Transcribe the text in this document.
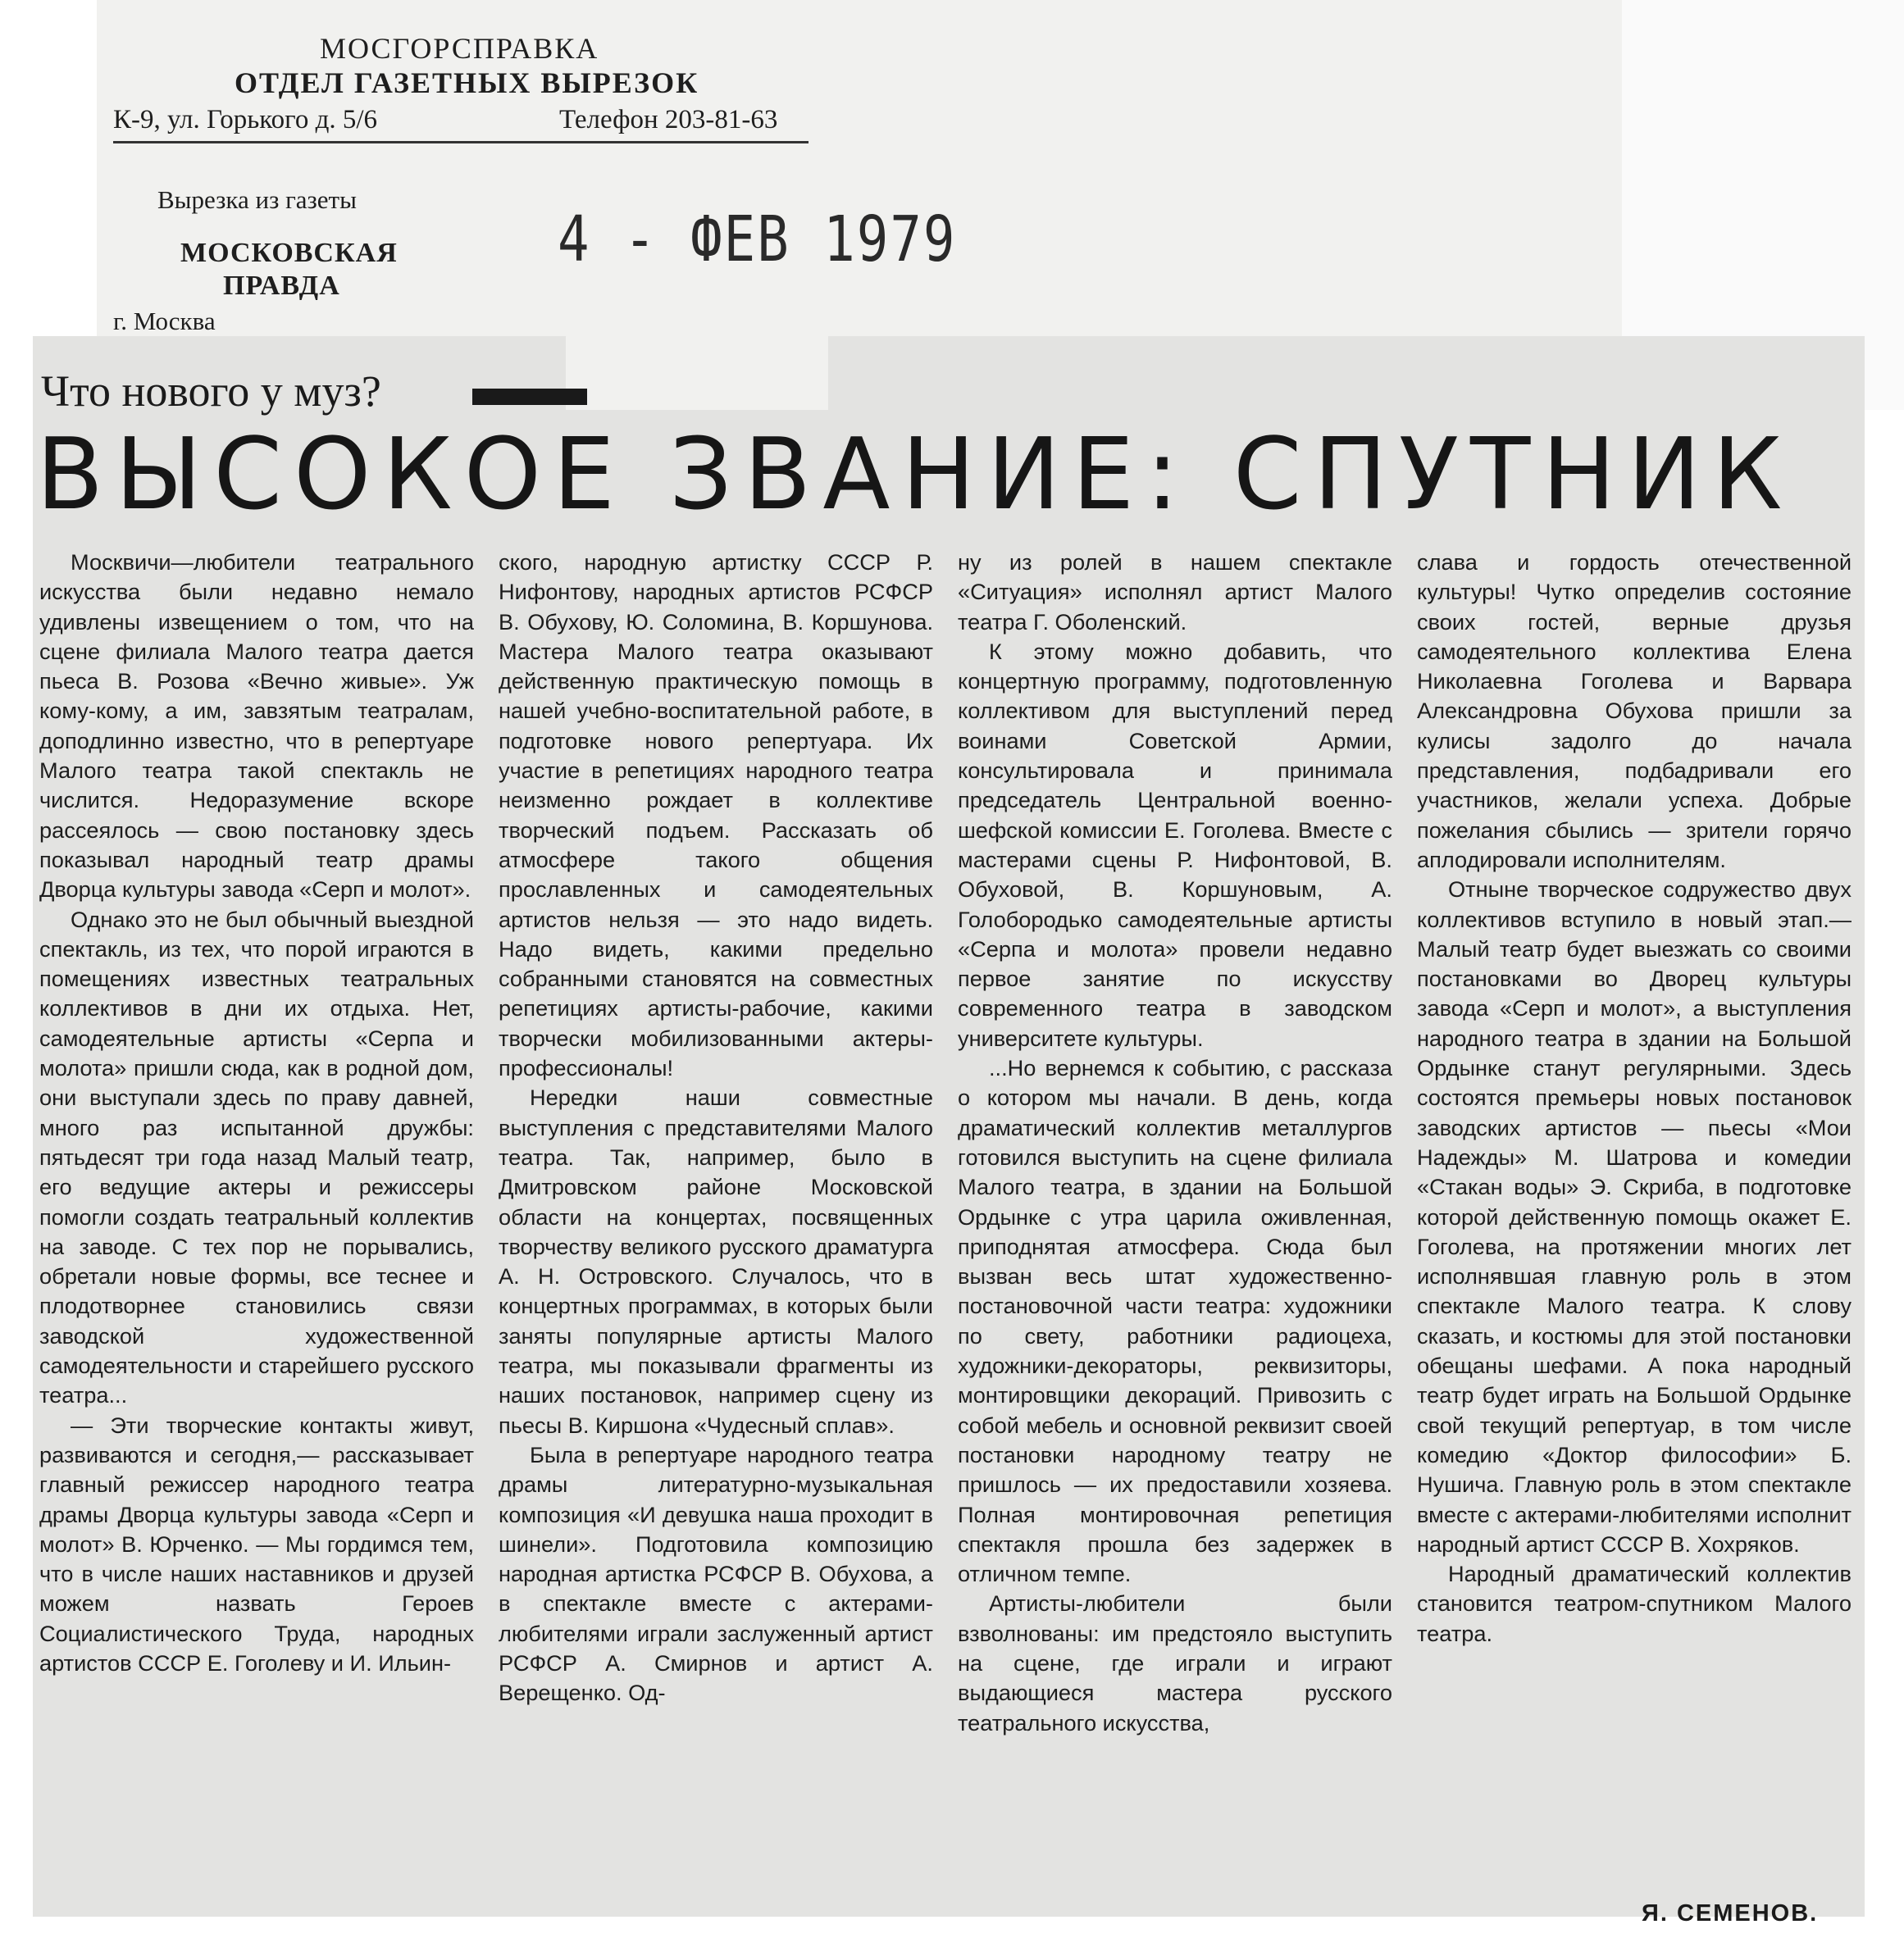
МОСГОРСПРАВКА
ОТДЕЛ ГАЗЕТНЫХ ВЫРЕЗОК
К-9, ул. Горького д. 5/6	Телефон 203-81-63
Вырезка из газеты
МОСКОВСКАЯ
ПРАВДА
г. Москва
4 - ФЕВ 1979
Что нового у муз?
ВЫСОКОЕ ЗВАНИЕ: СПУТНИК

Москвичи—любители театрального искусства были недавно немало удивлены извещением о том, что на сцене филиала Малого театра дается пьеса В. Розова «Вечно живые». Уж кому-кому, а им, завзятым театралам, доподлинно известно, что в репертуаре Малого театра такой спектакль не числится. Недоразумение вскоре рассеялось — свою постановку здесь показывал народный театр драмы Дворца культуры завода «Серп и молот».

Однако это не был обычный выездной спектакль, из тех, что порой играются в помещениях известных театральных коллективов в дни их отдыха. Нет, самодеятельные артисты «Серпа и молота» пришли сюда, как в родной дом, они выступали здесь по праву давней, много раз испытанной дружбы: пятьдесят три года назад Малый театр, его ведущие актеры и режиссеры помогли создать театральный коллектив на заводе. С тех пор не порывались, обретали новые формы, все теснее и плодотворнее становились связи заводской художественной самодеятельности и старейшего русского театра...

— Эти творческие контакты живут, развиваются и сегодня,— рассказывает главный режиссер народного театра драмы Дворца культуры завода «Серп и молот» В. Юрченко. — Мы гордимся тем, что в числе наших наставников и друзей можем назвать Героев Социалистического Труда, народных артистов СССР Е. Гоголеву и И. Ильин-

ского, народную артистку СССР Р. Нифонтову, народных артистов РСФСР В. Обухову, Ю. Соломина, В. Коршунова. Мастера Малого театра оказывают действенную практическую помощь в нашей учебно-воспитательной работе, в подготовке нового репертуара. Их участие в репетициях народного театра неизменно рождает в коллективе творческий подъем. Рассказать об атмосфере такого общения прославленных и самодеятельных артистов нельзя — это надо видеть. Надо видеть, какими предельно собранными становятся на совместных репетициях артисты-рабочие, какими творчески мобилизованными актеры-профессионалы!

Нередки наши совместные выступления с представителями Малого театра. Так, например, было в Дмитровском районе Московской области на концертах, посвященных творчеству великого русского драматурга А. Н. Островского. Случалось, что в концертных программах, в которых были заняты популярные артисты Малого театра, мы показывали фрагменты из наших постановок, например сцену из пьесы В. Киршона «Чудесный сплав».

Была в репертуаре народного театра драмы литературно-музыкальная композиция «И девушка наша проходит в шинели». Подготовила композицию народная артистка РСФСР В. Обухова, а в спектакле вместе с актерами-любителями играли заслуженный артист РСФСР А. Смирнов и артист А. Верещенко. Од-

ну из ролей в нашем спектакле «Ситуация» исполнял артист Малого театра Г. Оболенский.

К этому можно добавить, что концертную программу, подготовленную коллективом для выступлений перед воинами Советской Армии, консультировала и принимала председатель Центральной военно-шефской комиссии Е. Гоголева. Вместе с мастерами сцены Р. Нифонтовой, В. Обуховой, В. Коршуновым, А. Голобородько самодеятельные артисты «Серпа и молота» провели недавно первое занятие по искусству современного театра в заводском университете культуры.

...Но вернемся к событию, с рассказа о котором мы начали. В день, когда драматический коллектив металлургов готовился выступить на сцене филиала Малого театра, в здании на Большой Ордынке с утра царила оживленная, приподнятая атмосфера. Сюда был вызван весь штат художественно-постановочной части театра: художники по свету, работники радиоцеха, художники-декораторы, реквизиторы, монтировщики декораций. Привозить с собой мебель и основной реквизит своей постановки народному театру не пришлось — их предоставили хозяева. Полная монтировочная репетиция спектакля прошла без задержек в отличном темпе.

Артисты-любители были взволнованы: им предстояло выступить на сцене, где играли и играют выдающиеся мастера русского театрального искусства,

слава и гордость отечественной культуры! Чутко определив состояние своих гостей, верные друзья самодеятельного коллектива Елена Николаевна Гоголева и Варвара Александровна Обухова пришли за кулисы задолго до начала представления, подбадривали его участников, желали успеха. Добрые пожелания сбылись — зрители горячо аплодировали исполнителям.

Отныне творческое содружество двух коллективов вступило в новый этап.— Малый театр будет выезжать со своими постановками во Дворец культуры завода «Серп и молот», а выступления народного театра в здании на Большой Ордынке станут регулярными. Здесь состоятся премьеры новых постановок заводских артистов — пьесы «Мои Надежды» М. Шатрова и комедии «Стакан воды» Э. Скриба, в подготовке которой действенную помощь окажет Е. Гоголева, на протяжении многих лет исполнявшая главную роль в этом спектакле Малого театра. К слову сказать, и костюмы для этой постановки обещаны шефами. А пока народный театр будет играть на Большой Ордынке свой текущий репертуар, в том числе комедию «Доктор философии» Б. Нушича. Главную роль в этом спектакле вместе с актерами-любителями исполнит народный артист СССР В. Хохряков.

Народный драматический коллектив становится театром-спутником Малого театра.

Я. СЕМЕНОВ.
